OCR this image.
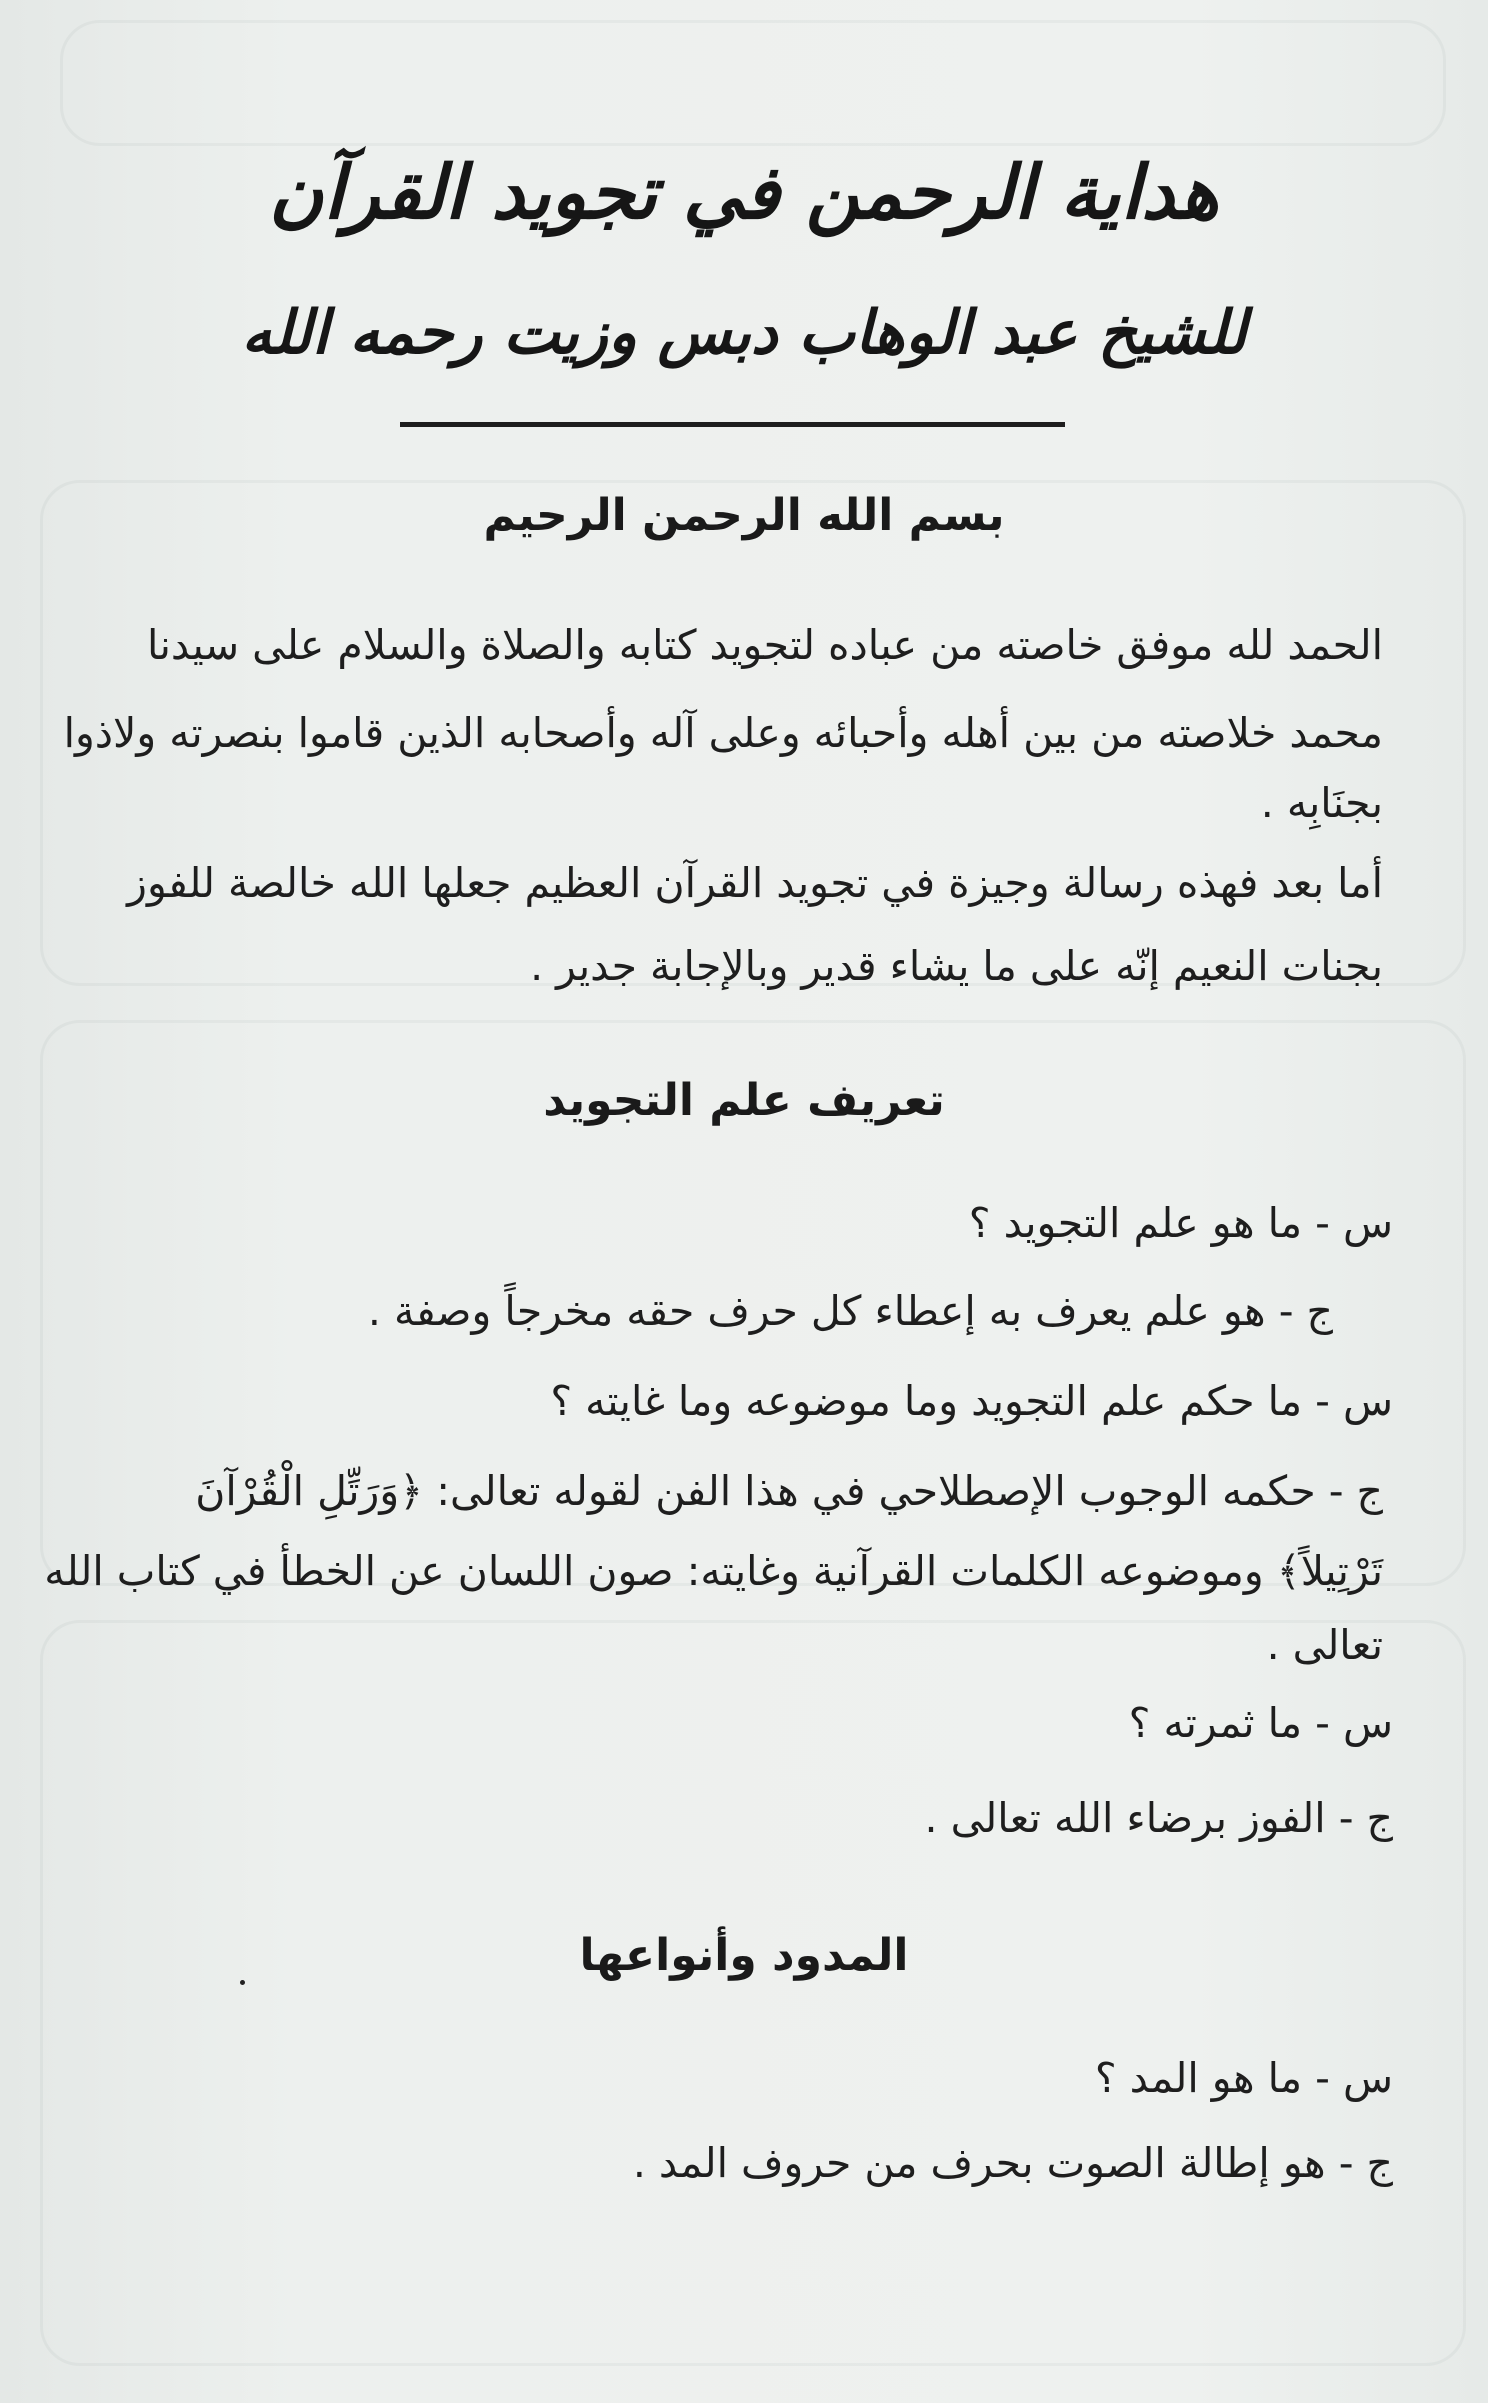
هداية الرحمن في تجويد القرآن
للشيخ عبد الوهاب دبس وزيت رحمه الله
بسم الله الرحمن الرحيم
الحمد لله موفق خاصته من عباده لتجويد كتابه والصلاة والسلام على سيدنا
محمد خلاصته من بين أهله وأحبائه وعلى آله وأصحابه الذين قاموا بنصرته ولاذوا
بجنَابِه .
أما بعد فهذه رسالة وجيزة في تجويد القرآن العظيم جعلها الله خالصة للفوز
بجنات النعيم إنّه على ما يشاء قدير وبالإجابة جدير .
تعريف علم التجويد
س - ما هو علم التجويد ؟
ج - هو علم يعرف به إعطاء كل حرف حقه مخرجاً وصفة .
س - ما حكم علم التجويد وما موضوعه وما غايته ؟
ج - حكمه الوجوب الإصطلاحي في هذا الفن لقوله تعالى: ﴿وَرَتِّلِ الْقُرْآنَ
تَرْتِيلاً﴾ وموضوعه الكلمات القرآنية وغايته: صون اللسان عن الخطأ في كتاب الله
تعالى .
س - ما ثمرته ؟
ج - الفوز برضاء الله تعالى .
المدود وأنواعها
س - ما هو المد ؟
ج - هو إطالة الصوت بحرف من حروف المد .
